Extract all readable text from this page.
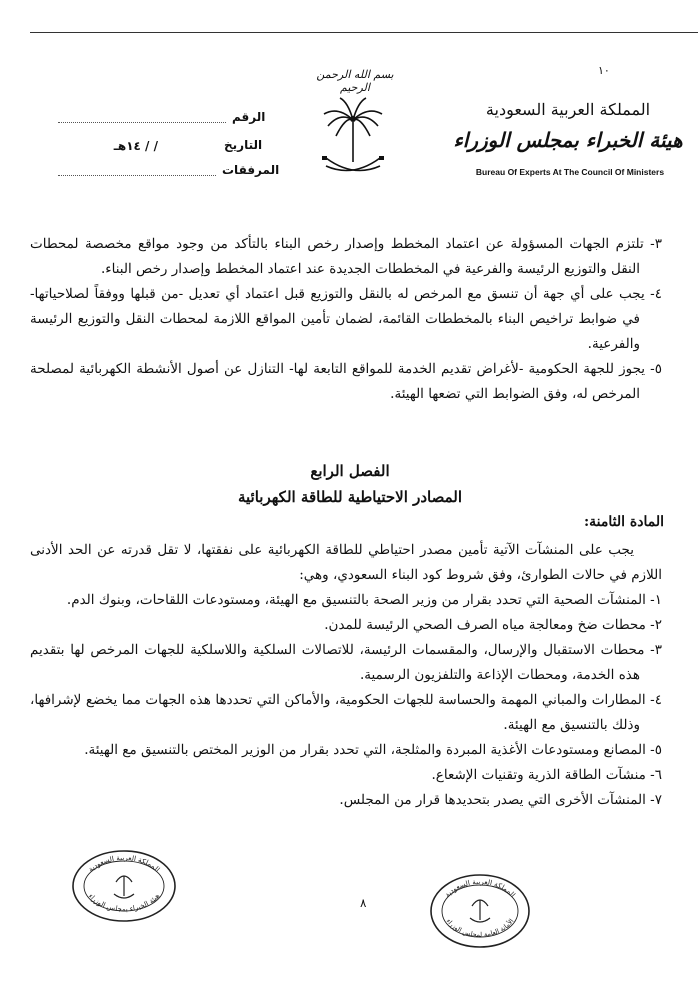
١٠
بسم الله الرحمن الرحيم
المملكة العربية السعودية
هيئة الخبراء بمجلس الوزراء
Bureau Of Experts At The Council Of Ministers
الرقم
التاريخ
/ / ١٤هـ
المرفقات

٣- تلتزم الجهات المسؤولة عن اعتماد المخطط وإصدار رخص البناء بالتأكد من وجود مواقع مخصصة لمحطات النقل والتوزيع الرئيسة والفرعية في المخططات الجديدة عند اعتماد المخطط وإصدار رخص البناء.

٤- يجب على أي جهة أن تنسق مع المرخص له بالنقل والتوزيع قبل اعتماد أي تعديل -من قبلها ووفقاً لصلاحياتها- في ضوابط تراخيص البناء بالمخططات القائمة، لضمان تأمين المواقع اللازمة لمحطات النقل والتوزيع الرئيسة والفرعية.

٥- يجوز للجهة الحكومية -لأغراض تقديم الخدمة للمواقع التابعة لها- التنازل عن أصول الأنشطة الكهربائية لمصلحة المرخص له، وفق الضوابط التي تضعها الهيئة.

الفصل الرابع
المصادر الاحتياطية للطاقة الكهربائية
المادة الثامنة:

يجب على المنشآت الآتية تأمين مصدر احتياطي للطاقة الكهربائية على نفقتها، لا تقل قدرته عن الحد الأدنى اللازم في حالات الطوارئ، وفق شروط كود البناء السعودي، وهي:

١- المنشآت الصحية التي تحدد بقرار من وزير الصحة بالتنسيق مع الهيئة، ومستودعات اللقاحات، وبنوك الدم.

٢- محطات ضخ ومعالجة مياه الصرف الصحي الرئيسة للمدن.

٣- محطات الاستقبال والإرسال، والمقسمات الرئيسة، للاتصالات السلكية واللاسلكية للجهات المرخص لها بتقديم هذه الخدمة، ومحطات الإذاعة والتلفزيون الرسمية.

٤- المطارات والمباني المهمة والحساسة للجهات الحكومية، والأماكن التي تحددها هذه الجهات مما يخضع لإشرافها، وذلك بالتنسيق مع الهيئة.

٥- المصانع ومستودعات الأغذية المبردة والمثلجة، التي تحدد بقرار من الوزير المختص بالتنسيق مع الهيئة.

٦- منشآت الطاقة الذرية وتقنيات الإشعاع.

٧- المنشآت الأخرى التي يصدر بتحديدها قرار من المجلس.

٨
المملكة العربية السعودية
هيئة الخبراء بمجلس الوزراء	المملكة العربية السعودية
الأمانة العامة لمجلس الوزراء
